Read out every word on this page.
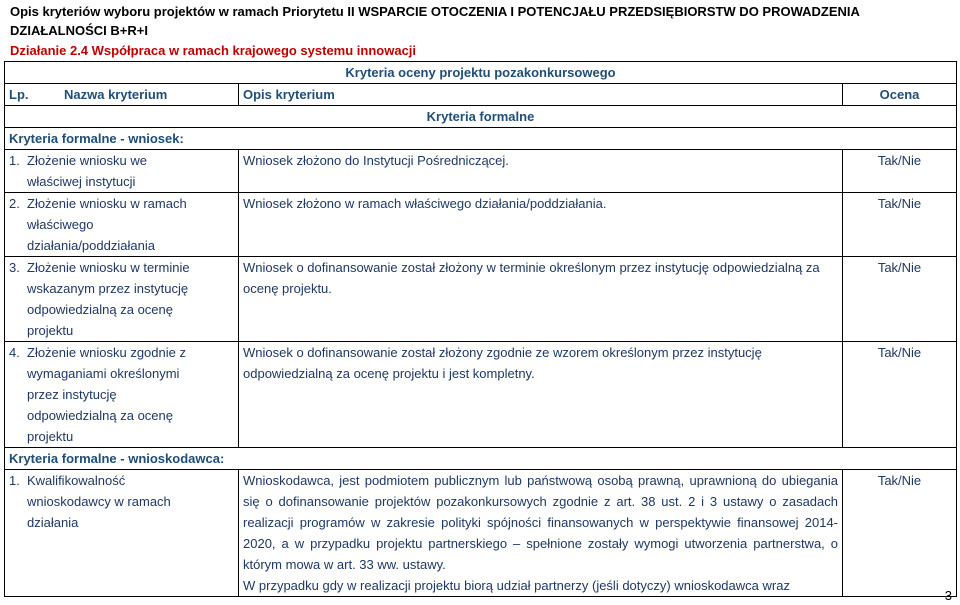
Opis kryteriów wyboru projektów w ramach Priorytetu II WSPARCIE OTOCZENIA I POTENCJAŁU PRZEDSIĘBIORSTW DO PROWADZENIA DZIAŁALNOŚCI B+R+I
Działanie 2.4 Współpraca w ramach krajowego systemu innowacji
Kryteria oceny projektu pozakonkursowego		
Lp. Nazwa kryterium	Opis kryterium	Ocena
Kryteria formalne		
Kryteria formalne - wniosek:		
1. Złożenie wniosku we właściwej instytucji	Wniosek złożono do Instytucji Pośredniczącej.	Tak/Nie
2. Złożenie wniosku w ramach właściwego działania/poddziałania	Wniosek złożono w ramach właściwego działania/poddziałania.	Tak/Nie
3. Złożenie wniosku w terminie wskazanym przez instytucję odpowiedzialną za ocenę projektu	Wniosek o dofinansowanie został złożony w terminie określonym przez instytucję odpowiedzialną za ocenę projektu.	Tak/Nie
4. Złożenie wniosku zgodnie z wymaganiami określonymi przez instytucję odpowiedzialną za ocenę projektu	Wniosek o dofinansowanie został złożony zgodnie ze wzorem określonym przez instytucję odpowiedzialną za ocenę projektu i jest kompletny.	Tak/Nie
Kryteria formalne - wnioskodawca:		
1. Kwalifikowalność wnioskodawcy w ramach działania	Wnioskodawca, jest podmiotem publicznym lub państwową osobą prawną, uprawnioną do ubiegania się o dofinansowanie projektów pozakonkursowych zgodnie z art. 38 ust. 2 i 3 ustawy o zasadach realizacji programów w zakresie polityki spójności finansowanych w perspektywie finansowej 2014-2020, a w przypadku projektu partnerskiego – spełnione zostały wymogi utworzenia partnerstwa, o którym mowa w art. 33 ww. ustawy.
W przypadku gdy w realizacji projektu biorą udział partnerzy (jeśli dotyczy) wnioskodawca wraz	Tak/Nie
3
